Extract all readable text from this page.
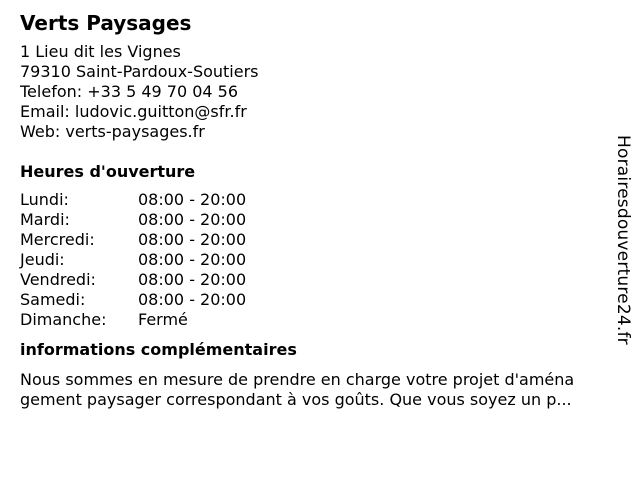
Verts Paysages
1 Lieu dit les Vignes
79310 Saint-Pardoux-Soutiers
Telefon: +33 5 49 70 04 56
Email: ludovic.guitton@sfr.fr
Web: verts-paysages.fr
Heures d'ouverture
Lundi:	08:00 - 20:00
Mardi:	08:00 - 20:00
Mercredi:	08:00 - 20:00
Jeudi:	08:00 - 20:00
Vendredi:	08:00 - 20:00
Samedi:	08:00 - 20:00
Dimanche:	Fermé
informations complémentaires
Nous sommes en mesure de prendre en charge votre projet d'aména
gement paysager correspondant à vos goûts. Que vous soyez un p...
Horairesdouverture24.fr
